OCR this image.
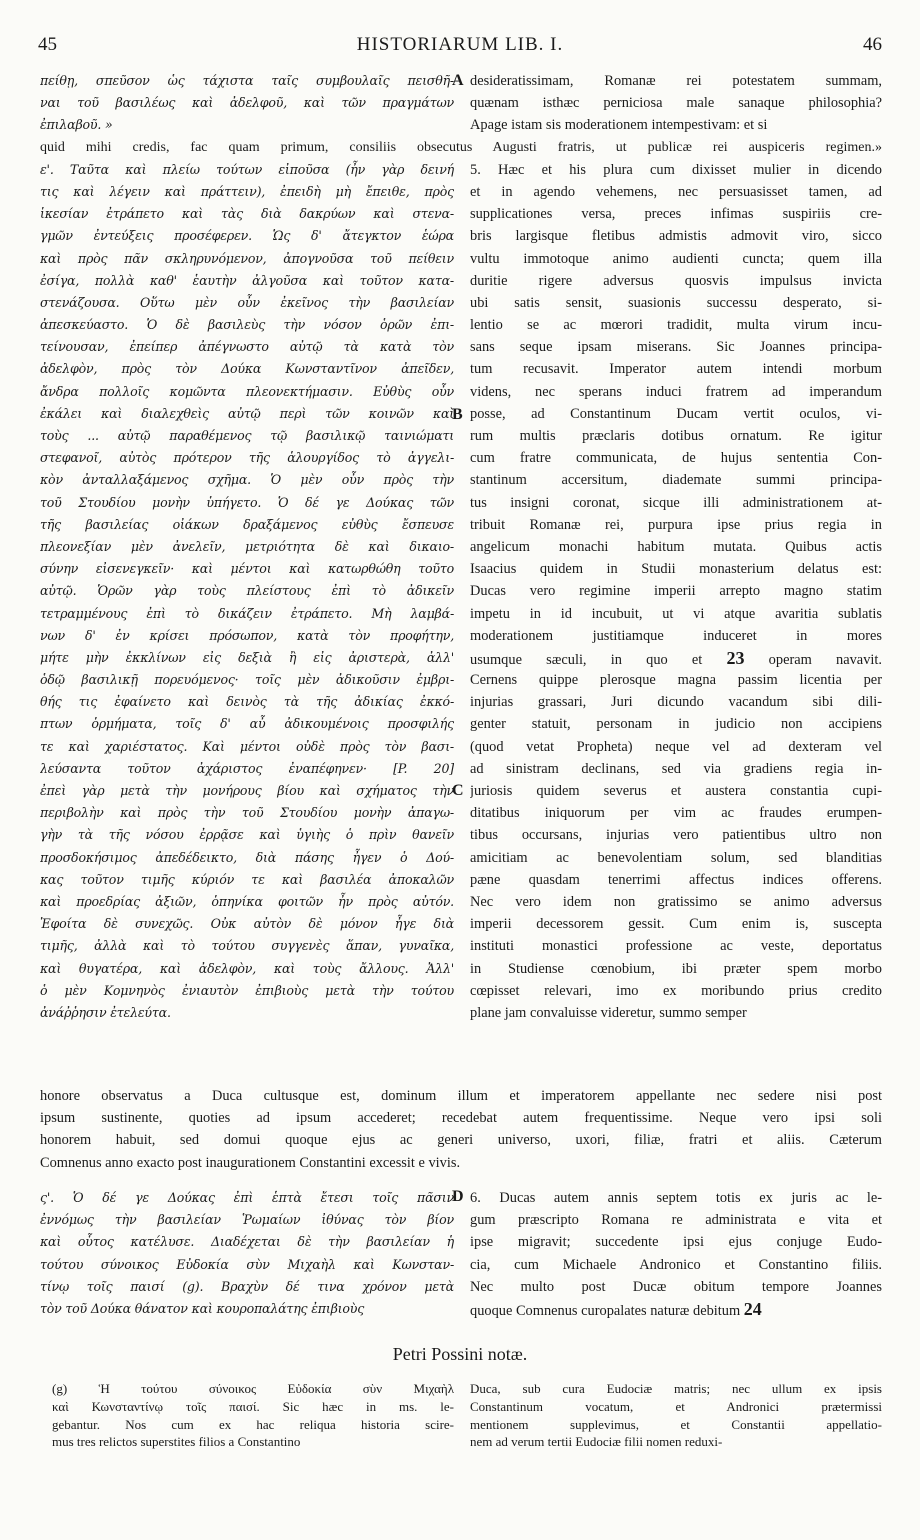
45	HISTORIARUM LIB. I.	46
A
B
C
D
πείθῃ, σπεῦσον ὡς τάχιστα ταῖς συμβουλαῖς πεισθῆ-
ναι τοῦ βασιλέως καὶ ἀδελφοῦ, καὶ τῶν πραγμάτων
ἐπιλαβοῦ. »
desideratissimam, Romanæ rei potestatem summam,
quænam isthæc perniciosa male sanaque philosophia?
Apage istam sis moderationem intempestivam: et si
quid mihi credis, fac quam primum, consiliis obsecutus Augusti fratris, ut publicæ rei auspiceris regimen.»
ε'. Ταῦτα καὶ πλείω τούτων εἰποῦσα (ἦν γὰρ δεινή
τις καὶ λέγειν καὶ πράττειν), ἐπειδὴ μὴ ἔπειθε, πρὸς
ἱκεσίαν ἐτράπετο καὶ τὰς διὰ δακρύων καὶ στενα-
γμῶν ἐντεύξεις προσέφερεν. Ὡς δ' ἄτεγκτον ἑώρα
καὶ πρὸς πᾶν σκληρυνόμενον, ἀπογνοῦσα τοῦ πείθειν
ἐσίγα, πολλὰ καθ' ἑαυτὴν ἀλγοῦσα καὶ τοῦτον κατα-
στενάζουσα. Οὕτω μὲν οὖν ἐκεῖνος τὴν βασιλείαν
ἀπεσκεύαστο. Ὁ δὲ βασιλεὺς τὴν νόσον ὁρῶν ἐπι-
τείνουσαν, ἐπείπερ ἀπέγνωστο αὐτῷ τὰ κατὰ τὸν
ἀδελφὸν, πρὸς τὸν Δούκα Κωνσταντῖνον ἀπεῖδεν,
ἄνδρα πολλοῖς κομῶντα πλεονεκτήμασιν. Εὐθὺς οὖν
ἐκάλει καὶ διαλεχθεὶς αὐτῷ περὶ τῶν κοινῶν καὶ
τοὺς ... αὐτῷ παραθέμενος τῷ βασιλικῷ ταινιώματι
στεφανοῖ, αὐτὸς πρότερον τῆς ἁλουργίδος τὸ ἀγγελι-
κὸν ἀνταλλαξάμενος σχῆμα. Ὁ μὲν οὖν πρὸς τὴν
τοῦ Στουδίου μονὴν ὑπήγετο. Ὁ δέ γε Δούκας τῶν
τῆς βασιλείας οἰάκων δραξάμενος εὐθὺς ἔσπευσε
πλεονεξίαν μὲν ἀνελεῖν, μετριότητα δὲ καὶ δικαιο-
σύνην εἰσενεγκεῖν· καὶ μέντοι καὶ κατωρθώθη τοῦτο
αὐτῷ. Ὁρῶν γὰρ τοὺς πλείστους ἐπὶ τὸ ἀδικεῖν
τετραμμένους ἐπὶ τὸ δικάζειν ἐτράπετο. Μὴ λαμβά-
νων δ' ἐν κρίσει πρόσωπον, κατὰ τὸν προφήτην,
μήτε μὴν ἐκκλίνων εἰς δεξιὰ ἢ εἰς ἀριστερὰ, ἀλλ'
ὁδῷ βασιλικῇ πορευόμενος· τοῖς μὲν ἀδικοῦσιν ἐμβρι-
θής τις ἐφαίνετο καὶ δεινὸς τὰ τῆς ἀδικίας ἐκκό-
πτων ὁρμήματα, τοῖς δ' αὖ ἀδικουμένοις προσφιλής
τε καὶ χαριέστατος. Καὶ μέντοι οὐδὲ πρὸς τὸν βασι-
λεύσαντα τοῦτον ἀχάριστος ἐναπέφηνεν· [P. 20]
ἐπεὶ γὰρ μετὰ τὴν μονήρους βίου καὶ σχήματος τὴν
περιβολὴν καὶ πρὸς τὴν τοῦ Στουδίου μονὴν ἀπαγω-
γὴν τὰ τῆς νόσου ἐρρᾷσε καὶ ὑγιὴς ὁ πρὶν θανεῖν
προσδοκήσιμος ἀπεδέδεικτο, διὰ πάσης ἦγεν ὁ Δού-
κας τοῦτον τιμῆς κύριόν τε καὶ βασιλέα ἀποκαλῶν
καὶ προεδρίας ἀξιῶν, ὁπηνίκα φοιτῶν ἦν πρὸς αὐτόν.
Ἐφοίτα δὲ συνεχῶς. Οὐκ αὐτὸν δὲ μόνον ἦγε διὰ
τιμῆς, ἀλλὰ καὶ τὸ τούτου συγγενὲς ἅπαν, γυναῖκα,
καὶ θυγατέρα, καὶ ἀδελφὸν, καὶ τοὺς ἄλλους. Ἀλλ'
ὁ μὲν Κομνηνὸς ἐνιαυτὸν ἐπιβιοὺς μετὰ τὴν τούτου
ἀνάῤῥησιν ἐτελεύτα.
5. Hæc et his plura cum dixisset mulier in dicendo
et in agendo vehemens, nec persuasisset tamen, ad
supplicationes versa, preces infimas suspiriis cre-
bris largisque fletibus admistis admovit viro, sicco
vultu immotoque animo audienti cuncta; quem illa
duritie rigere adversus quosvis impulsus invicta
ubi satis sensit, suasionis successu desperato, si-
lentio se ac mœrori tradidit, multa virum incu-
sans seque ipsam miserans. Sic Joannes principa-
tum recusavit. Imperator autem intendi morbum
videns, nec sperans induci fratrem ad imperandum
posse, ad Constantinum Ducam vertit oculos, vi-
rum multis præclaris dotibus ornatum. Re igitur
cum fratre communicata, de hujus sententia Con-
stantinum accersitum, diademate summi principa-
tus insigni coronat, sicque illi administrationem at-
tribuit Romanæ rei, purpura ipse prius regia in
angelicum monachi habitum mutata. Quibus actis
Isaacius quidem in Studii monasterium delatus est:
Ducas vero regimine imperii arrepto magno statim
impetu in id incubuit, ut vi atque avaritia sublatis
moderationem justitiamque induceret in mores
usumque sæculi, in quo et 23 operam navavit.
Cernens quippe plerosque magna passim licentia per
injurias grassari, Juri dicundo vacandum sibi dili-
genter statuit, personam in judicio non accipiens
(quod vetat Propheta) neque vel ad dexteram vel
ad sinistram declinans, sed via gradiens regia in-
juriosis quidem severus et austera constantia cupi-
ditatibus iniquorum per vim ac fraudes erumpen-
tibus occursans, injurias vero patientibus ultro non
amicitiam ac benevolentiam solum, sed blanditias
pæne quasdam tenerrimi affectus indices offerens.
Nec vero idem non gratissimo se animo adversus
imperii decessorem gessit. Cum enim is, suscepta
instituti monastici professione ac veste, deportatus
in Studiense cœnobium, ibi præter spem morbo
cœpisset relevari, imo ex moribundo prius credito
plane jam convaluisse videretur, summo semper
honore observatus a Duca cultusque est, dominum illum et imperatorem appellante nec sedere nisi post
ipsum sustinente, quoties ad ipsum accederet; recedebat autem frequentissime. Neque vero ipsi soli
honorem habuit, sed domui quoque ejus ac generi universo, uxori, filiæ, fratri et aliis. Cæterum
Comnenus anno exacto post inaugurationem Constantini excessit e vivis.
ς'. Ὁ δέ γε Δούκας ἐπὶ ἑπτὰ ἔτεσι τοῖς πᾶσιν
ἐννόμως τὴν βασιλείαν Ῥωμαίων ἰθύνας τὸν βίον
καὶ οὗτος κατέλυσε. Διαδέχεται δὲ τὴν βασιλείαν ἡ
τούτου σύνοικος Εὐδοκία σὺν Μιχαὴλ καὶ Κωνσταν-
τίνῳ τοῖς παισί (g). Βραχὺν δέ τινα χρόνον μετὰ
τὸν τοῦ Δούκα θάνατον καὶ κουροπαλάτης ἐπιβιοὺς
6. Ducas autem annis septem totis ex juris ac le-
gum præscripto Romana re administrata e vita et
ipse migravit; succedente ipsi ejus conjuge Eudo-
cia, cum Michaele Andronico et Constantino filiis.
Nec multo post Ducæ obitum tempore Joannes
quoque Comnenus curopalates naturæ debitum 24
Petri Possini notæ.
(g) Ἡ τούτου σύνοικος Εὐδοκία σὺν Μιχαὴλ
καὶ Κωνσταντίνῳ τοῖς παισί. Sic hæc in ms. le-
gebantur. Nos cum ex hac reliqua historia scire-
mus tres relictos superstites filios a Constantino
Duca, sub cura Eudociæ matris; nec ullum ex ipsis
Constantinum vocatum, et Andronici prætermissi
mentionem supplevimus, et Constantii appellatio-
nem ad verum tertii Eudociæ filii nomen reduxi-
